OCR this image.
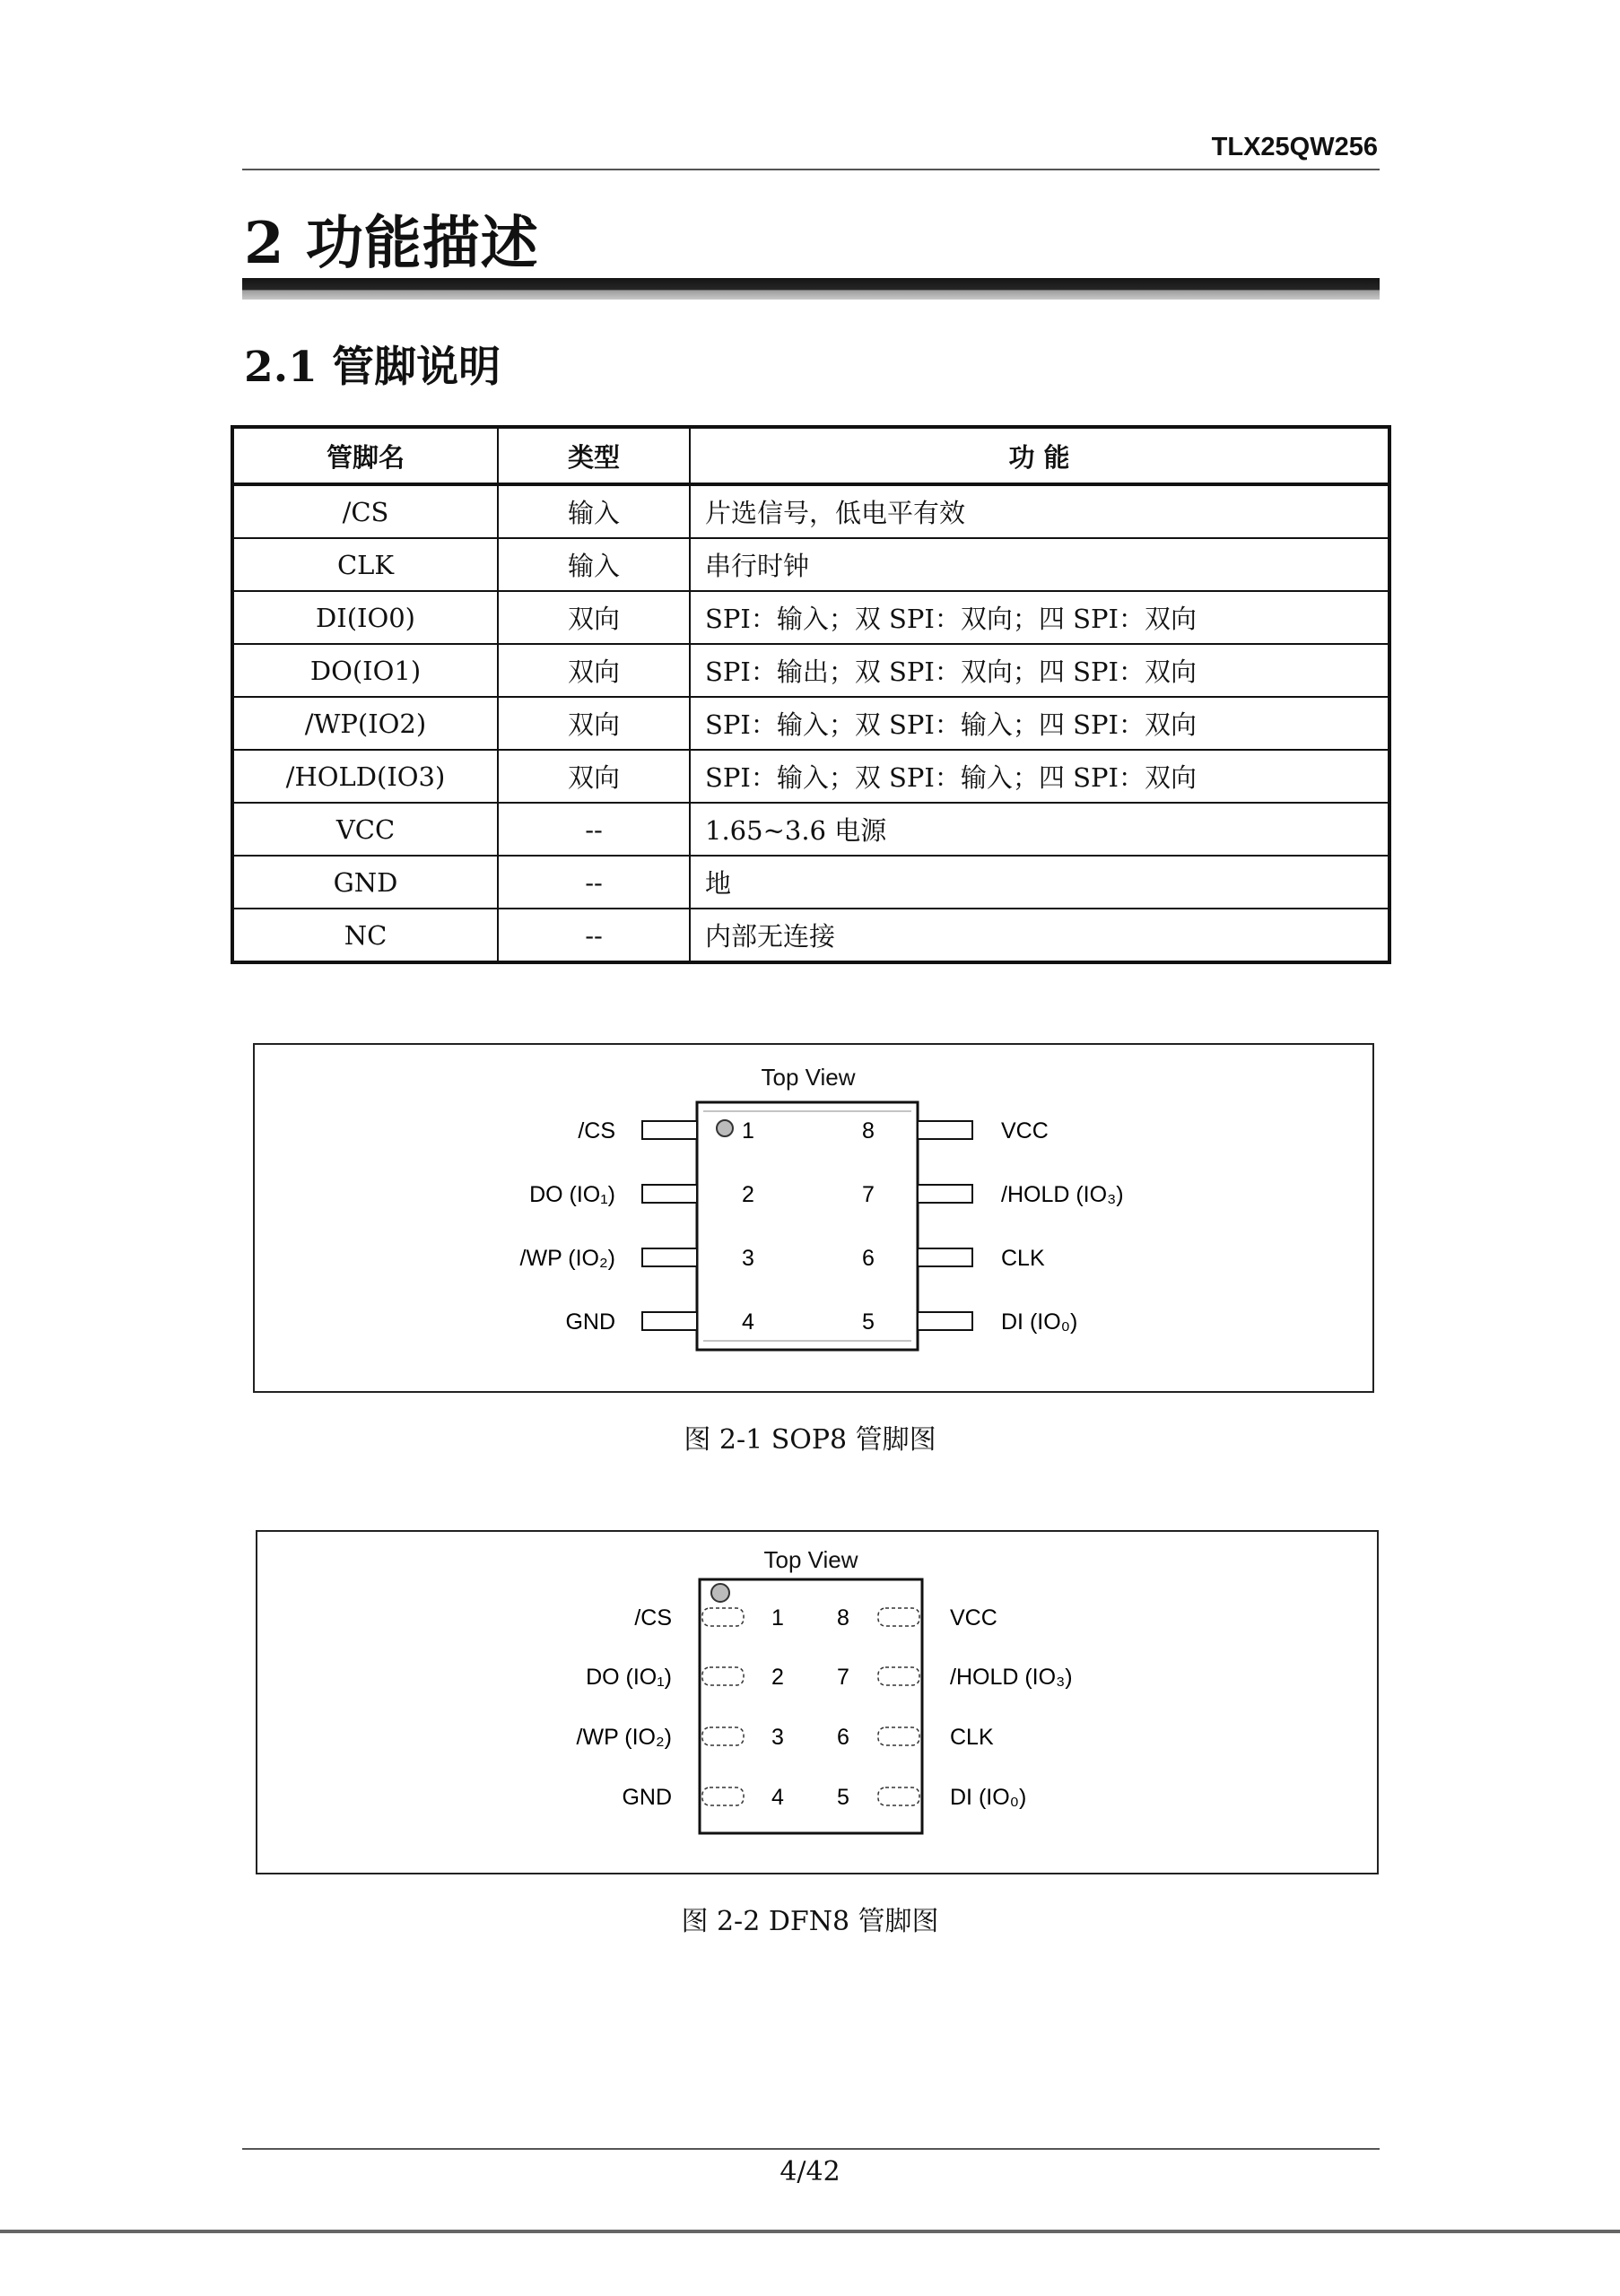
TLX25QW256
2 功能描述
2.1 管脚说明
管脚名	类型	功 能
/CS	输入	片选信号，低电平有效
CLK	输入	串行时钟
DI(IO0)	双向	SPI：输入；双 SPI：双向；四 SPI：双向
DO(IO1)	双向	SPI：输出；双 SPI：双向；四 SPI：双向
/WP(IO2)	双向	SPI：输入；双 SPI：输入；四 SPI：双向
/HOLD(IO3)	双向	SPI：输入；双 SPI：输入；四 SPI：双向
VCC	--	1.65~3.6 电源
GND	--	地
NC	--	内部无连接
Top View
/CS
DO (IO₁)
/WP (IO₂)
GND
1
2
3
4
8
7
6
5
VCC
/HOLD (IO₃)
CLK
DI (IO₀)
图 2-1 SOP8 管脚图
Top View
/CS
DO (IO₁)
/WP (IO₂)
GND
1
2
3
4
8
7
6
5
VCC
/HOLD (IO₃)
CLK
DI (IO₀)
图 2-2 DFN8 管脚图
4/42
